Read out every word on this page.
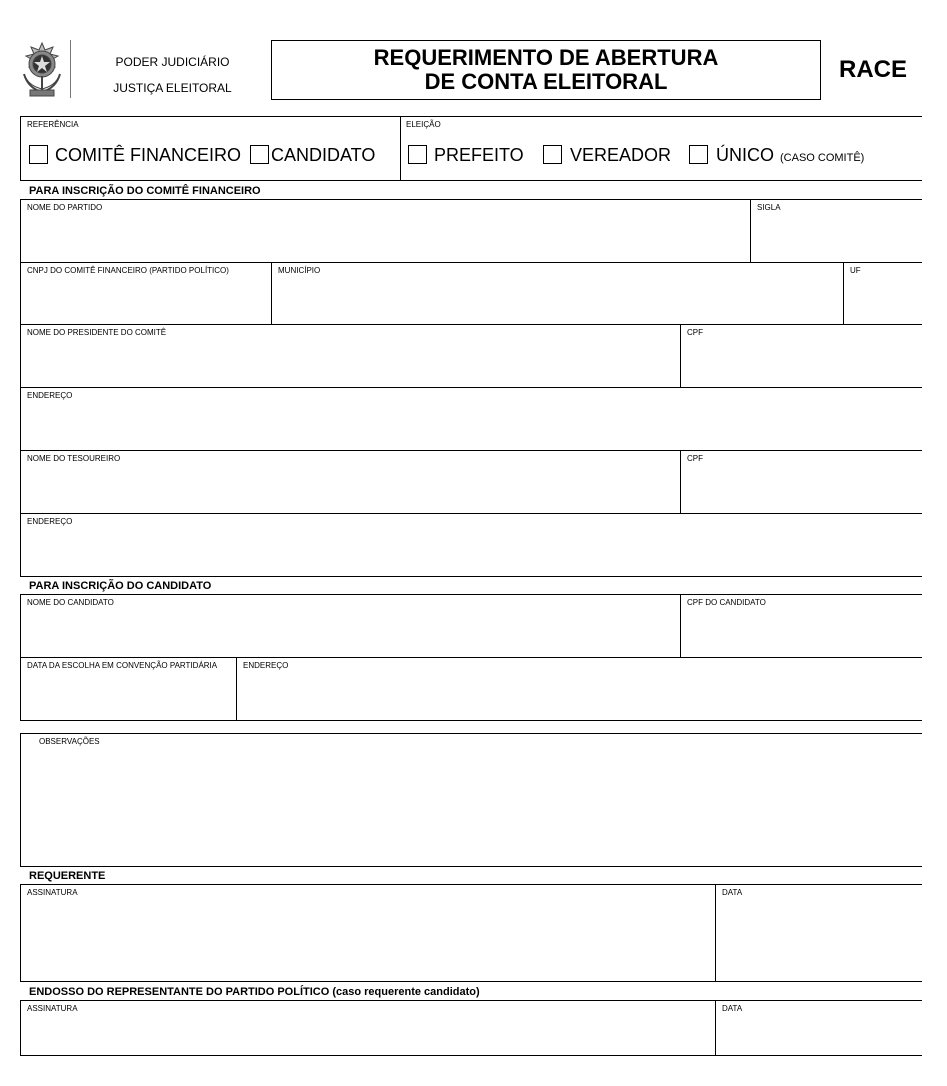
PODER JUDICIÁRIO
JUSTIÇA ELEITORAL
REQUERIMENTO DE ABERTURA
DE CONTA ELEITORAL	RACE
REFERÊNCIA
COMITÊ FINANCEIRO CANDIDATO
ELEIÇÃO
PREFEITO	VEREADOR ÚNICO (CASO COMITÊ)
PARA INSCRIÇÃO DO COMITÊ FINANCEIRO
NOME DO PARTIDO	SIGLA
CNPJ DO COMITÊ FINANCEIRO (PARTIDO POLÍTICO)	MUNICÍPIO	UF
NOME DO PRESIDENTE DO COMITÊ	CPF
ENDEREÇO
NOME DO TESOUREIRO	CPF
ENDEREÇO
PARA INSCRIÇÃO DO CANDIDATO
NOME DO CANDIDATO	CPF DO CANDIDATO
DATA DA ESCOLHA EM CONVENÇÃO PARTIDÁRIA	ENDEREÇO
OBSERVAÇÕES
REQUERENTE
ASSINATURA	DATA
ENDOSSO DO REPRESENTANTE DO PARTIDO POLÍTICO (caso requerente candidato)
ASSINATURA	DATA
